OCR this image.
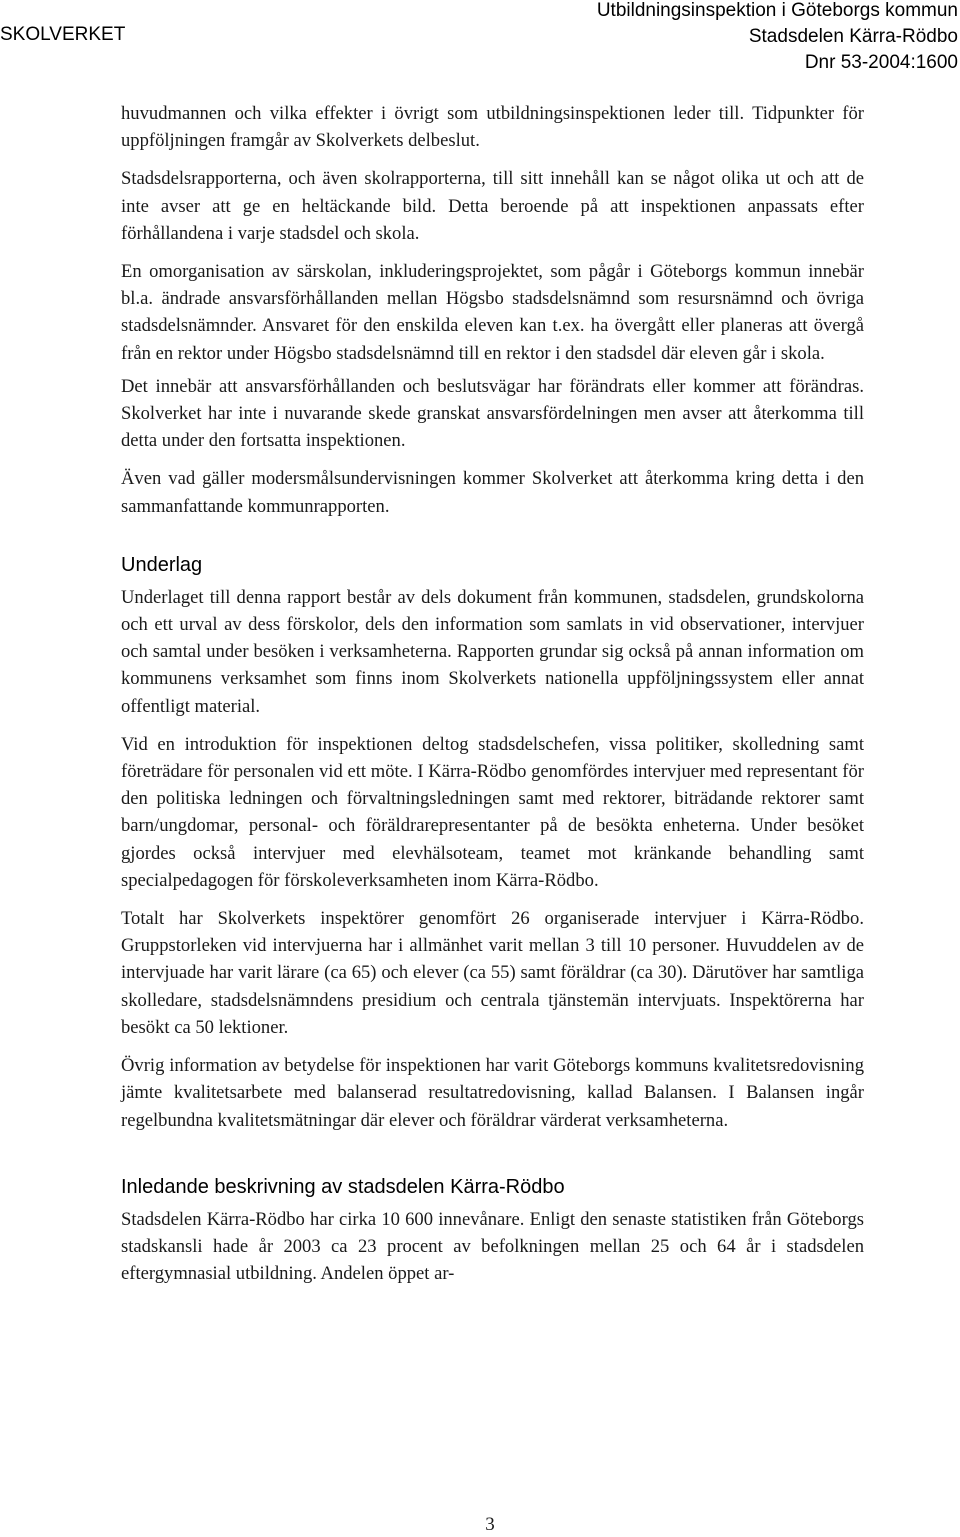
SKOLVERKET
Utbildningsinspektion i Göteborgs kommun
Stadsdelen Kärra-Rödbo
Dnr 53-2004:1600

huvudmannen och vilka effekter i övrigt som utbildningsinspektionen leder till. Tidpunkter för uppföljningen framgår av Skolverkets delbeslut.

Stadsdelsrapporterna, och även skolrapporterna, till sitt innehåll kan se något olika ut och att de inte avser att ge en heltäckande bild. Detta beroende på att inspektionen anpassats efter förhållandena i varje stadsdel och skola.

En omorganisation av särskolan, inkluderingsprojektet, som pågår i Göteborgs kommun innebär bl.a. ändrade ansvarsförhållanden mellan Högsbo stadsdelsnämnd som resursnämnd och övriga stadsdelsnämnder. Ansvaret för den enskilda eleven kan t.ex. ha övergått eller planeras att övergå från en rektor under Högsbo stadsdelsnämnd till en rektor i den stadsdel där eleven går i skola.

Det innebär att ansvarsförhållanden och beslutsvägar har förändrats eller kommer att förändras. Skolverket har inte i nuvarande skede granskat ansvarsfördelningen men avser att återkomma till detta under den fortsatta inspektionen.

Även vad gäller modersmålsundervisningen kommer Skolverket att återkomma kring detta i den sammanfattande kommunrapporten.

Underlag

Underlaget till denna rapport består av dels dokument från kommunen, stadsdelen, grundskolorna och ett urval av dess förskolor, dels den information som samlats in vid observationer, intervjuer och samtal under besöken i verksamheterna. Rapporten grundar sig också på annan information om kommunens verksamhet som finns inom Skolverkets nationella uppföljningssystem eller annat offentligt material.

Vid en introduktion för inspektionen deltog stadsdelschefen, vissa politiker, skolledning samt företrädare för personalen vid ett möte. I Kärra-Rödbo genomfördes intervjuer med representant för den politiska ledningen och förvaltningsledningen samt med rektorer, biträdande rektorer samt barn/ungdomar, personal- och föräldrarepresentanter på de besökta enheterna. Under besöket gjordes också intervjuer med elevhälsoteam, teamet mot kränkande behandling samt specialpedagogen för förskoleverksamheten inom Kärra-Rödbo.

Totalt har Skolverkets inspektörer genomfört 26 organiserade intervjuer i Kärra-Rödbo. Gruppstorleken vid intervjuerna har i allmänhet varit mellan 3 till 10 personer. Huvuddelen av de intervjuade har varit lärare (ca 65) och elever (ca 55) samt föräldrar (ca 30). Därutöver har samtliga skolledare, stadsdelsnämndens presidium och centrala tjänstemän intervjuats. Inspektörerna har besökt ca 50 lektioner.

Övrig information av betydelse för inspektionen har varit Göteborgs kommuns kvalitetsredovisning jämte kvalitetsarbete med balanserad resultatredovisning, kallad Balansen. I Balansen ingår regelbundna kvalitetsmätningar där elever och föräldrar värderat verksamheterna.

Inledande beskrivning av stadsdelen Kärra-Rödbo

Stadsdelen Kärra-Rödbo har cirka 10 600 innevånare. Enligt den senaste statistiken från Göteborgs stadskansli hade år 2003 ca 23 procent av befolkningen mellan 25 och 64 år i stadsdelen eftergymnasial utbildning. Andelen öppet ar-

3
